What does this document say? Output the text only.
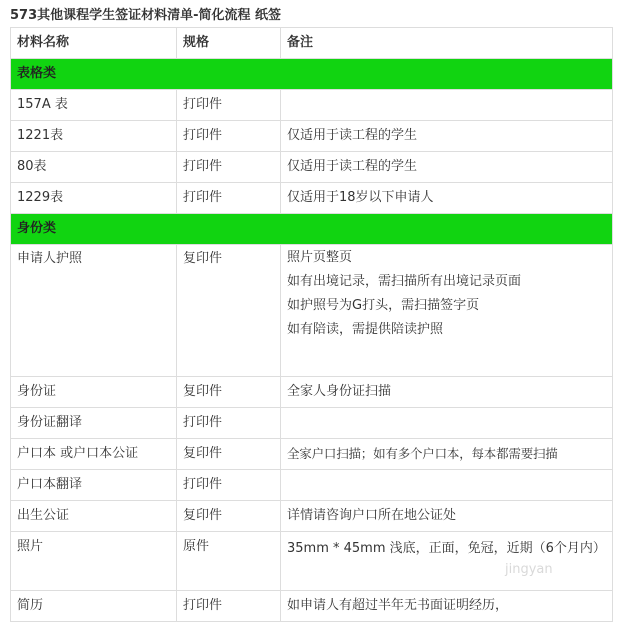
573其他课程学生签证材料清单-简化流程 纸签
材料名称	规格	备注
表格类		
157A 表	打印件	
1221表	打印件	仅适用于读工程的学生
80表	打印件	仅适用于读工程的学生
1229表	打印件	仅适用于18岁以下申请人
身份类		
申请人护照	复印件	照片页整页
如有出境记录，需扫描所有出境记录页面
如护照号为G打头，需扫描签字页
如有陪读，需提供陪读护照

身份证	复印件	全家人身份证扫描
身份证翻译	打印件	
户口本 或户口本公证	复印件	全家户口扫描；如有多个户口本，每本都需要扫描
户口本翻译	打印件	
出生公证	复印件	详情请咨询户口所在地公证处
照片	原件	35mm * 45mm 浅底，正面，免冠，近期（6个月内）
简历	打印件	如申请人有超过半年无书面证明经历，
jingyan
